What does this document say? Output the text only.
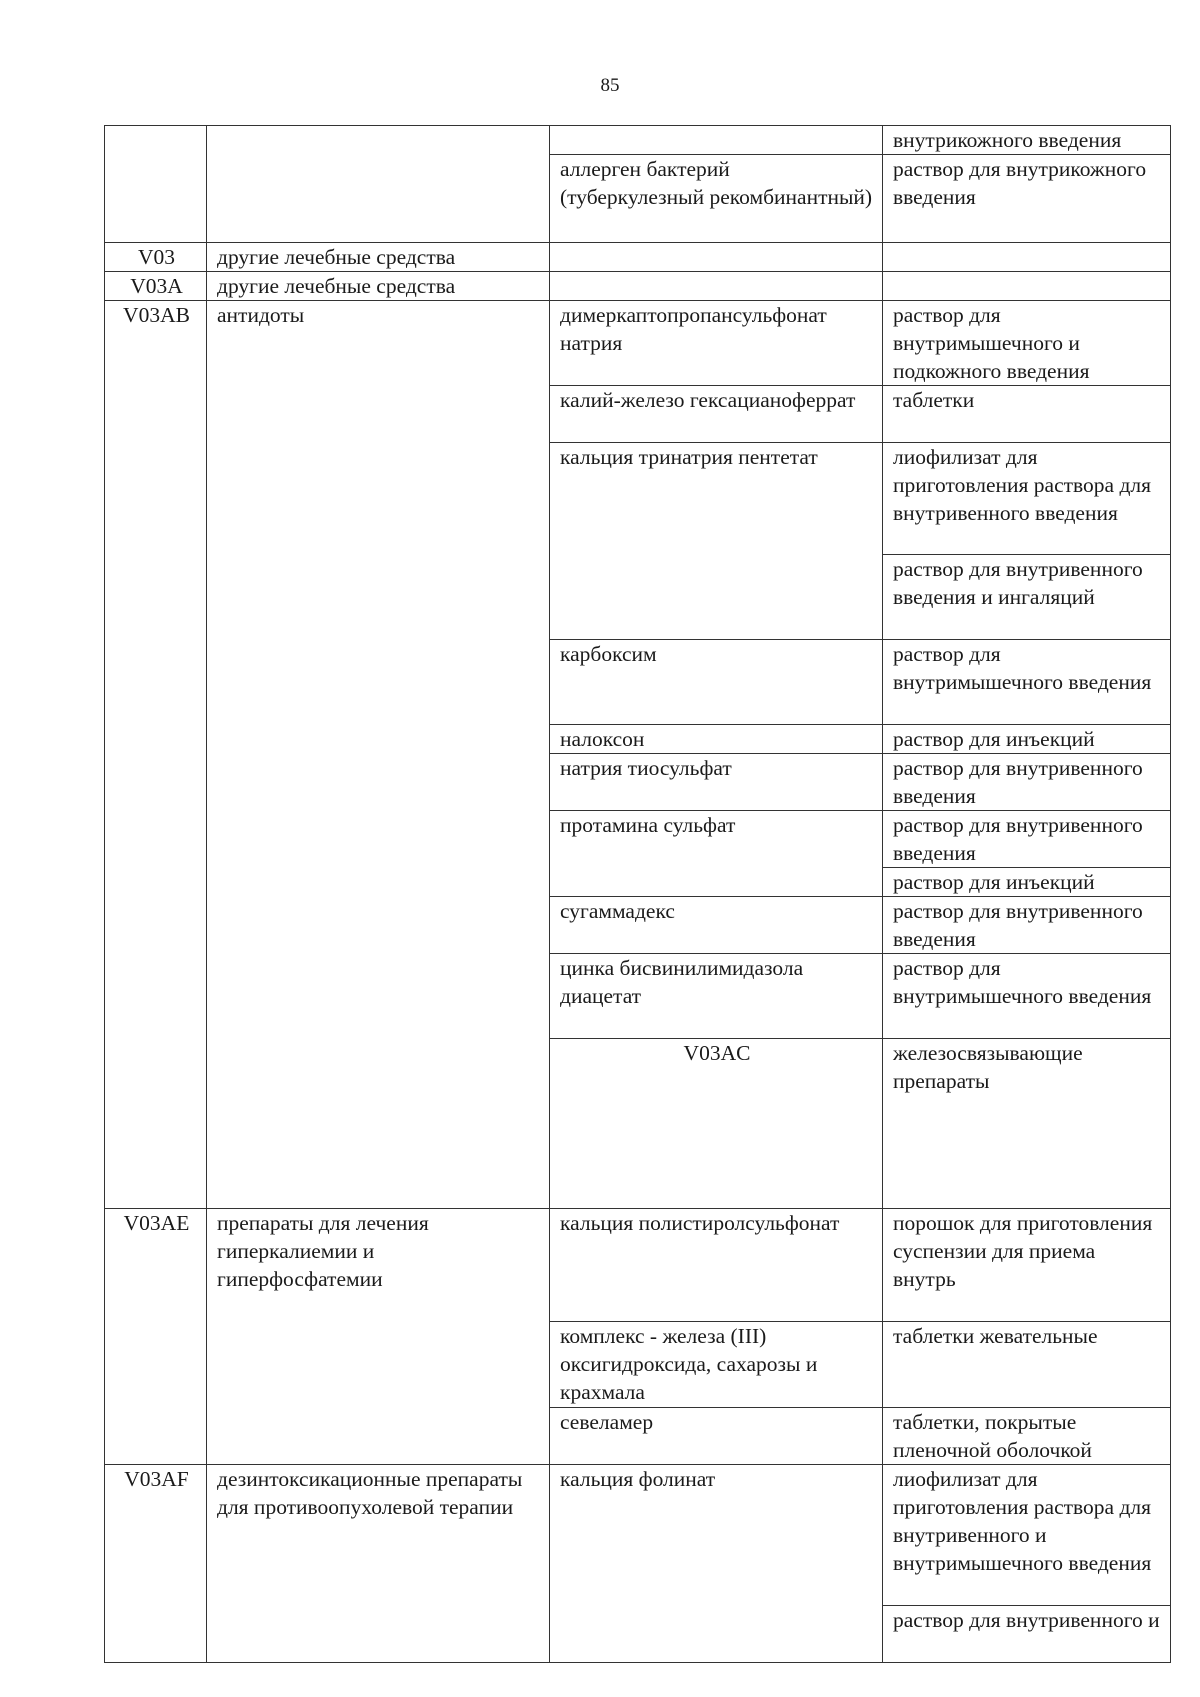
85
			внутрикожного введения	
		аллерген бактерий (туберкулезный рекомбинантный)	раствор для внутрикожного введения	
V03	другие лечебные средства			
V03A	другие лечебные средства			
V03AB	антидоты	димеркаптопропансульфонат натрия	раствор для внутримышечного и подкожного введения	
		калий-железо гексацианоферрат	таблетки	
		кальция тринатрия пентетат	лиофилизат для приготовления раствора для внутривенного введения	
			раствор для внутривенного введения и ингаляций	
		карбоксим	раствор для внутримышечного введения	
		налоксон	раствор для инъекций	
		натрия тиосульфат	раствор для внутривенного введения	
		протамина сульфат	раствор для внутривенного введения	
			раствор для инъекций	
		сугаммадекс	раствор для внутривенного введения	
		цинка бисвинилимидазола диацетат	раствор для внутримышечного введения	
		V03AC	железосвязывающие препараты		

V03AE	препараты для лечения гиперкалиемии и гиперфосфатемии	кальция полистиролсульфонат	порошок для приготовления суспензии для приема внутрь	
		комплекс - железа (III) оксигидроксида, сахарозы и крахмала	таблетки жевательные	
		севеламер	таблетки, покрытые пленочной оболочкой	
V03AF	дезинтоксикационные препараты для противоопухолевой терапии	кальция фолинат	лиофилизат для приготовления раствора для внутривенного и внутримышечного введения	
			раствор для внутривенного и	
